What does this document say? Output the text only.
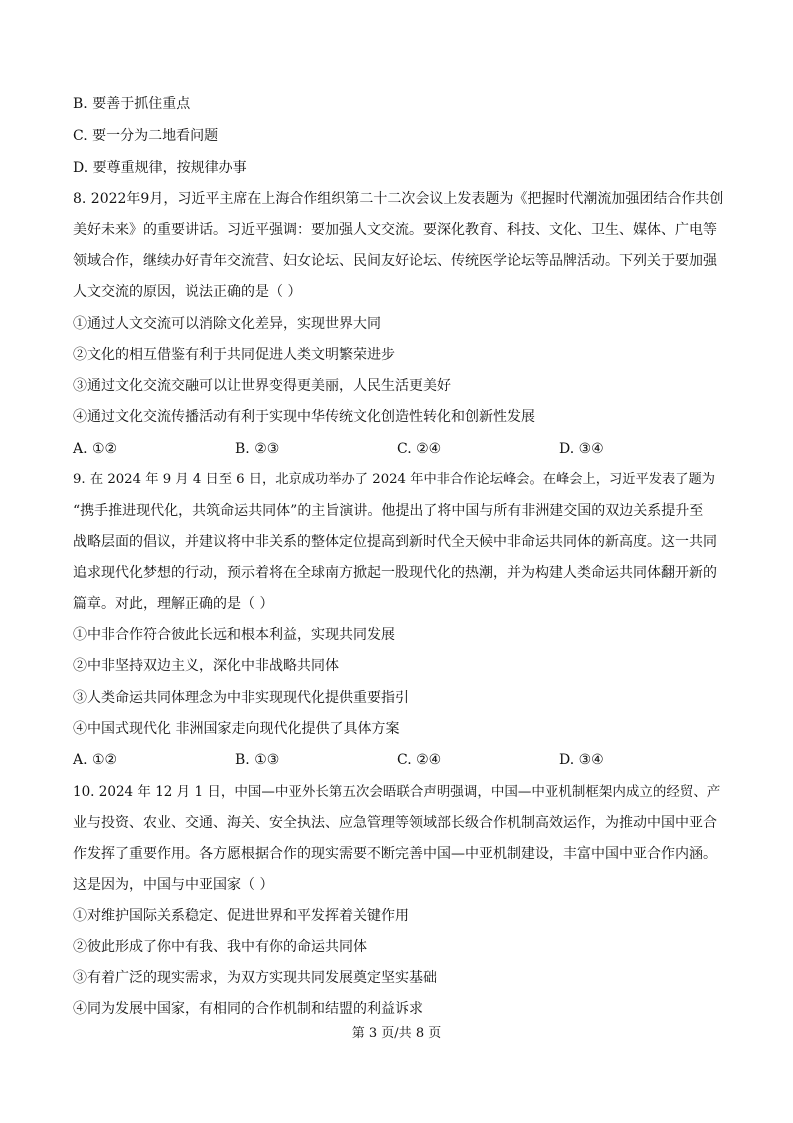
B. 要善于抓住重点
C. 要一分为二地看问题
D. 要尊重规律，按规律办事
8. 2022年9月，习近平主席在上海合作组织第二十二次会议上发表题为《把握时代潮流加强团结合作共创
美好未来》的重要讲话。习近平强调：要加强人文交流。要深化教育、科技、文化、卫生、媒体、广电等
领域合作，继续办好青年交流营、妇女论坛、民间友好论坛、传统医学论坛等品牌活动。下列关于要加强
人文交流的原因，说法正确的是（ ）
①通过人文交流可以消除文化差异，实现世界大同
②文化的相互借鉴有利于共同促进人类文明繁荣进步
③通过文化交流交融可以让世界变得更美丽，人民生活更美好
④通过文化交流传播活动有利于实现中华传统文化创造性转化和创新性发展
A. ①②	B. ②③	C. ②④	D. ③④
9. 在 2024 年 9 月 4 日至 6 日，北京成功举办了 2024 年中非合作论坛峰会。在峰会上，习近平发表了题为
“携手推进现代化，共筑命运共同体”的主旨演讲。他提出了将中国与所有非洲建交国的双边关系提升至
战略层面的倡议，并建议将中非关系的整体定位提高到新时代全天候中非命运共同体的新高度。这一共同
追求现代化梦想的行动，预示着将在全球南方掀起一股现代化的热潮，并为构建人类命运共同体翻开新的
篇章。对此，理解正确的是（ ）
①中非合作符合彼此长远和根本利益，实现共同发展
②中非坚持双边主义，深化中非战略共同体
③人类命运共同体理念为中非实现现代化提供重要指引
④中国式现代化 非洲国家走向现代化提供了具体方案
A. ①②	B. ①③	C. ②④	D. ③④
10. 2024 年 12 月 1 日，中国—中亚外长第五次会晤联合声明强调，中国—中亚机制框架内成立的经贸、产
业与投资、农业、交通、海关、安全执法、应急管理等领域部长级合作机制高效运作，为推动中国中亚合
作发挥了重要作用。各方愿根据合作的现实需要不断完善中国—中亚机制建设，丰富中国中亚合作内涵。
这是因为，中国与中亚国家（ ）
①对维护国际关系稳定、促进世界和平发挥着关键作用
②彼此形成了你中有我、我中有你的命运共同体
③有着广泛的现实需求，为双方实现共同发展奠定坚实基础
④同为发展中国家，有相同的合作机制和结盟的利益诉求
第 3 页/共 8 页
